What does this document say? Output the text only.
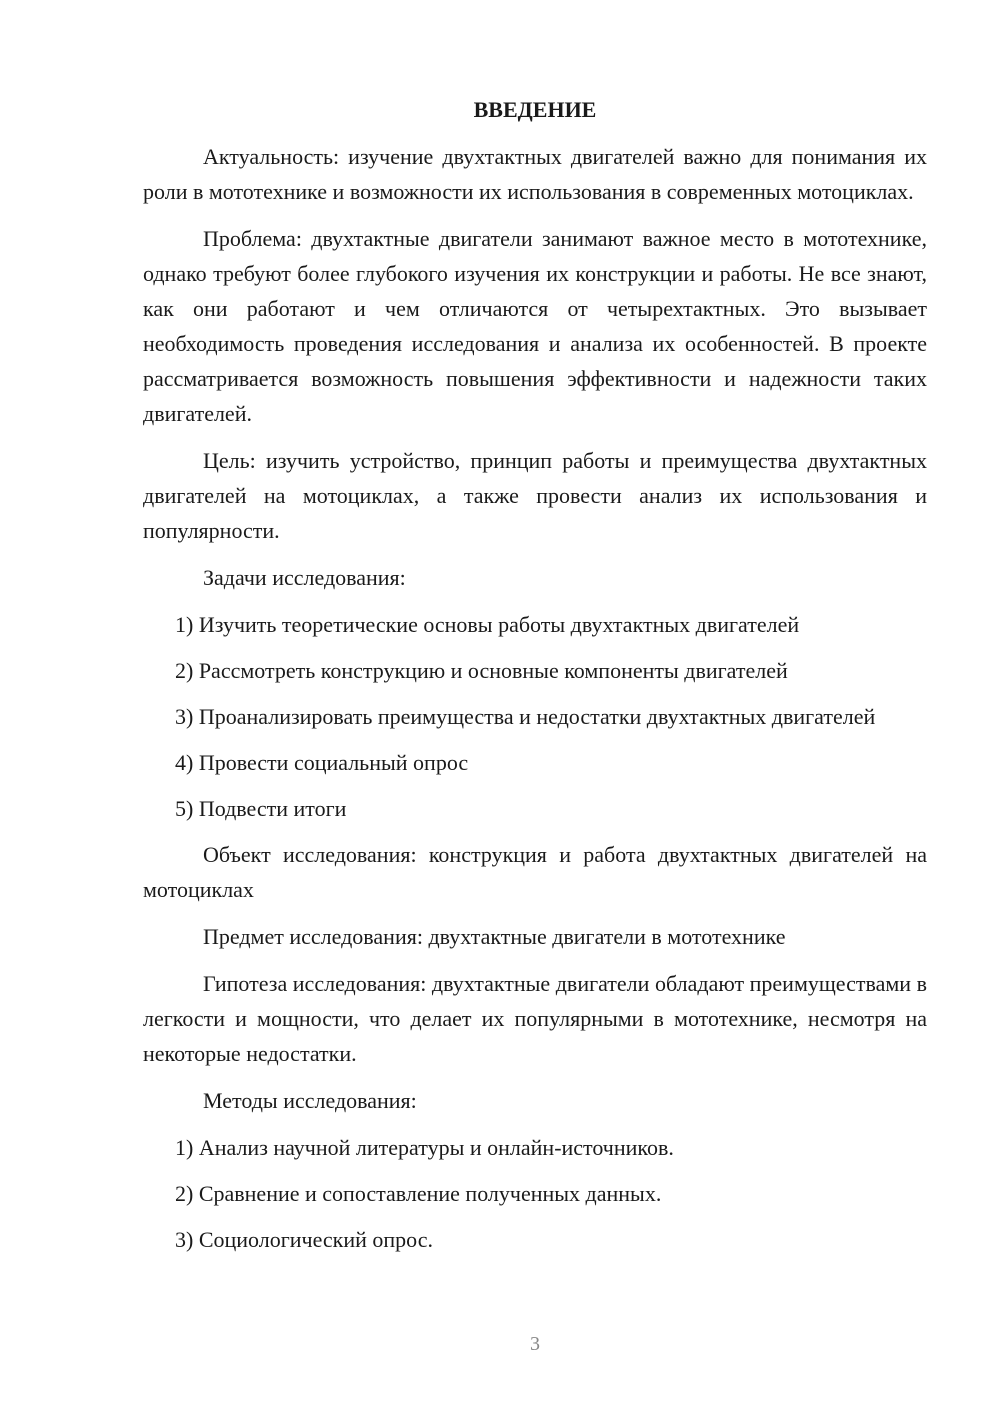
ВВЕДЕНИЕ

Актуальность: изучение двухтактных двигателей важно для понимания их роли в мототехнике и возможности их использования в современных мотоциклах.

Проблема: двухтактные двигатели занимают важное место в мототехнике, однако требуют более глубокого изучения их конструкции и работы. Не все знают, как они работают и чем отличаются от четырехтактных. Это вызывает необходимость проведения исследования и анализа их особенностей. В проекте рассматривается возможность повышения эффективности и надежности таких двигателей.

Цель: изучить устройство, принцип работы и преимущества двухтактных двигателей на мотоциклах, а также провести анализ их использования и популярности.

Задачи исследования:

1) Изучить теоретические основы работы двухтактных двигателей

2) Рассмотреть конструкцию и основные компоненты двигателей

3) Проанализировать преимущества и недостатки двухтактных двигателей

4) Провести социальный опрос

5) Подвести итоги

Объект исследования: конструкция и работа двухтактных двигателей на мотоциклах

Предмет исследования: двухтактные двигатели в мототехнике

Гипотеза исследования: двухтактные двигатели обладают преимуществами в легкости и мощности, что делает их популярными в мототехнике, несмотря на некоторые недостатки.

Методы исследования:

1) Анализ научной литературы и онлайн-источников.

2) Сравнение и сопоставление полученных данных.

3) Социологический опрос.

3
